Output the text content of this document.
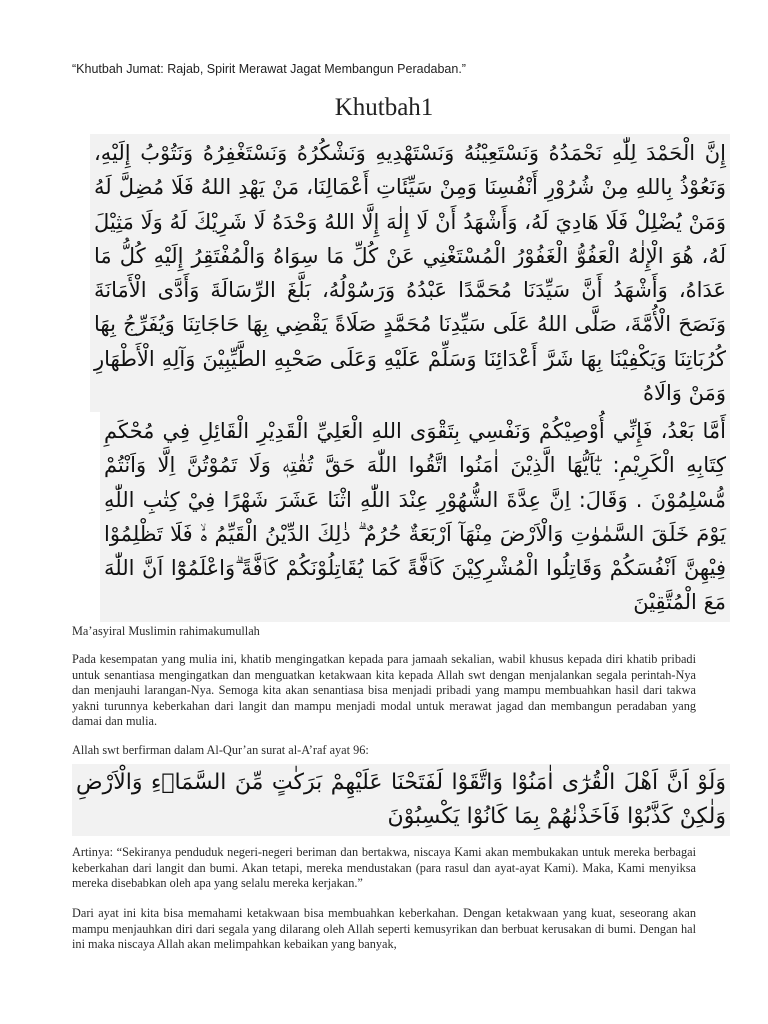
“Khutbah Jumat: Rajab, Spirit Merawat Jagat Membangun Peradaban.”
Khutbah1
إِنَّ الْحَمْدَ لِلّٰهِ نَحْمَدُهُ وَنَسْتَعِيْنُهُ وَنَسْتَهْدِيهِ وَنَشْكُرُهُ وَنَسْتَغْفِرُهُ وَنَتُوْبُ إِلَيْهِ، وَنَعُوْذُ بِاللهِ مِنْ شُرُوْرِ أَنْفُسِنَا وَمِنْ سَيِّئَاتِ أَعْمَالِنَا، مَنْ يَهْدِ اللهُ فَلَا مُضِلَّ لَهُ وَمَنْ يُضْلِلْ فَلَا هَادِيَ لَهُ، وَأَشْهَدُ أَنْ لَا إِلٰهَ إِلَّا اللهُ وَحْدَهُ لَا شَرِيْكَ لَهُ وَلَا مَثِيْلَ لَهُ، هُوَ الْإِلٰهُ الْعَفُوُّ الْغَفُوْرُ الْمُسْتَغْنِي عَنْ كُلِّ مَا سِوَاهُ وَالْمُفْتَقِرُ إِلَيْهِ كُلُّ مَا عَدَاهُ، وَأَشْهَدُ أَنَّ سَيِّدَنَا مُحَمَّدًا عَبْدُهُ وَرَسُوْلُهُ، بَلَّغَ الرِّسَالَةَ وَأَدَّى الْأَمَانَةَ وَنَصَحَ الْأُمَّةَ، صَلَّى اللهُ عَلَى سَيِّدِنَا مُحَمَّدٍ صَلَاةً يَقْضِي بِهَا حَاجَاتِنَا وَيُفَرِّجُ بِهَا كُرُبَاتِنَا وَيَكْفِيْنَا بِهَا شَرَّ أَعْدَائِنَا وَسَلِّمْ عَلَيْهِ وَعَلَى صَحْبِهِ الطَّيِّبِيْنَ وَآلِهِ الْأَطْهَارِ وَمَنْ وَالَاهُ
أَمَّا بَعْدُ، فَإِنِّي أُوْصِيْكُمْ وَنَفْسِي بِتَقْوَى اللهِ الْعَلِيِّ الْقَدِيْرِ الْقَائِلِ فِي مُحْكَمِ كِتَابِهِ الْكَرِيْمِ: يٰٓاَيُّهَا الَّذِيْنَ اٰمَنُوا اتَّقُوا اللّٰهَ حَقَّ تُقٰتِهٖ وَلَا تَمُوْتُنَّ اِلَّا وَاَنْتُمْ مُّسْلِمُوْنَ . وَقَالَ: اِنَّ عِدَّةَ الشُّهُوْرِ عِنْدَ اللّٰهِ اثْنَا عَشَرَ شَهْرًا فِيْ كِتٰبِ اللّٰهِ يَوْمَ خَلَقَ السَّمٰوٰتِ وَالْاَرْضَ مِنْهَآ اَرْبَعَةٌ حُرُمٌ ۗ ذٰلِكَ الدِّيْنُ الْقَيِّمُ ەۙ فَلَا تَظْلِمُوْا فِيْهِنَّ اَنْفُسَكُمْ وَقَاتِلُوا الْمُشْرِكِيْنَ كَاۤفَّةً كَمَا يُقَاتِلُوْنَكُمْ كَاۤفَّةً ۗوَاعْلَمُوْٓا اَنَّ اللّٰهَ مَعَ الْمُتَّقِيْنَ
Ma’asyiral Muslimin rahimakumullah
Pada kesempatan yang mulia ini, khatib mengingatkan kepada para jamaah sekalian, wabil khusus kepada diri khatib pribadi untuk senantiasa mengingatkan dan menguatkan ketakwaan kita kepada Allah swt dengan menjalankan segala perintah-Nya dan menjauhi larangan-Nya. Semoga kita akan senantiasa bisa menjadi pribadi yang mampu membuahkan hasil dari takwa yakni turunnya keberkahan dari langit dan mampu menjadi modal untuk merawat jagad dan membangun peradaban yang damai dan mulia.
Allah swt berfirman dalam Al-Qur’an surat al-A’raf ayat 96:
وَلَوْ اَنَّ اَهْلَ الْقُرٰٓى اٰمَنُوْا وَاتَّقَوْا لَفَتَحْنَا عَلَيْهِمْ بَرَكٰتٍ مِّنَ السَّمَاۤءِ وَالْاَرْضِ وَلٰكِنْ كَذَّبُوْا فَاَخَذْنٰهُمْ بِمَا كَانُوْا يَكْسِبُوْنَ
Artinya: “Sekiranya penduduk negeri-negeri beriman dan bertakwa, niscaya Kami akan membukakan untuk mereka berbagai keberkahan dari langit dan bumi. Akan tetapi, mereka mendustakan (para rasul dan ayat-ayat Kami). Maka, Kami menyiksa mereka disebabkan oleh apa yang selalu mereka kerjakan.”
Dari ayat ini kita bisa memahami ketakwaan bisa membuahkan keberkahan. Dengan ketakwaan yang kuat, seseorang akan mampu menjauhkan diri dari segala yang dilarang oleh Allah seperti kemusyrikan dan berbuat kerusakan di bumi. Dengan hal ini maka niscaya Allah akan melimpahkan kebaikan yang banyak,
